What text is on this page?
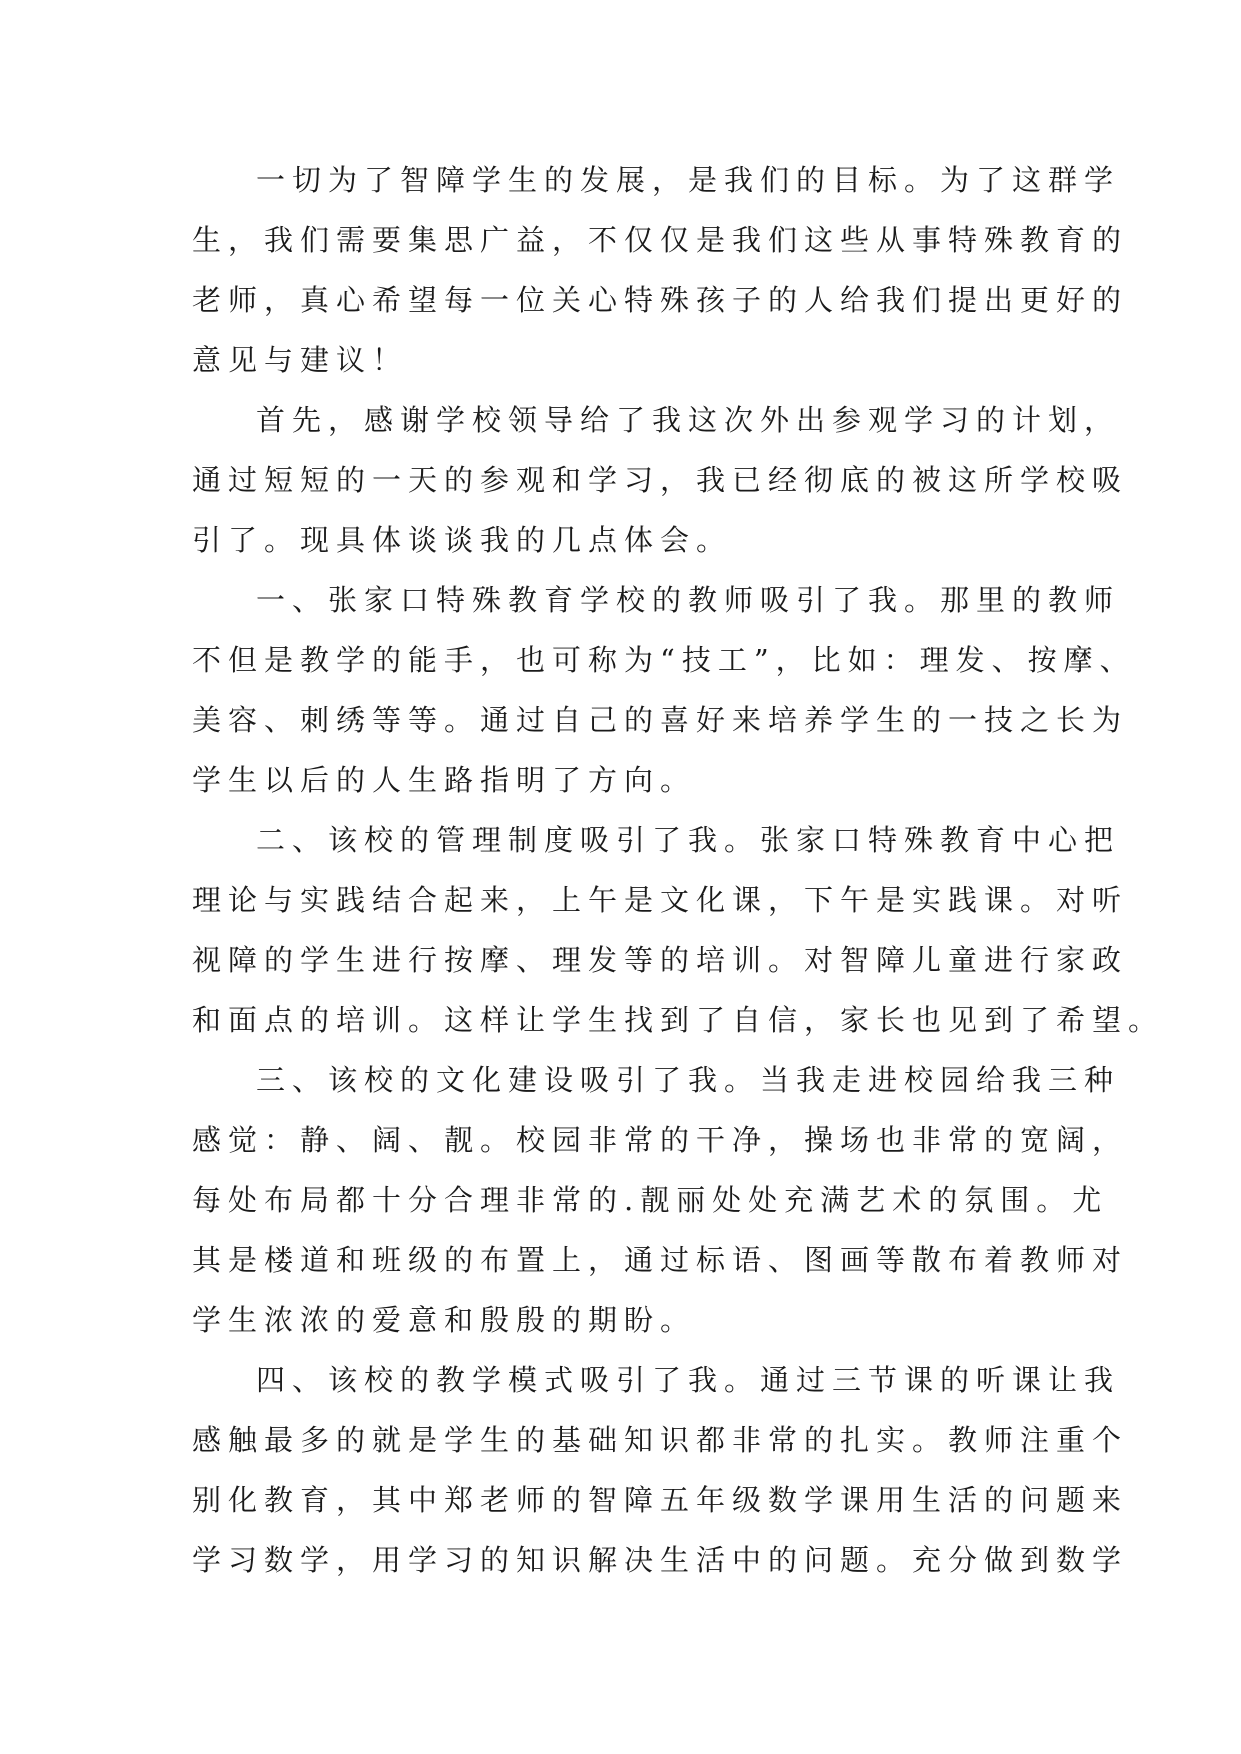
一切为了智障学生的发展，是我们的目标。为了这群学
生，我们需要集思广益，不仅仅是我们这些从事特殊教育的
老师，真心希望每一位关心特殊孩子的人给我们提出更好的
意见与建议！
首先，感谢学校领导给了我这次外出参观学习的计划，
通过短短的一天的参观和学习，我已经彻底的被这所学校吸
引了。现具体谈谈我的几点体会。
一、张家口特殊教育学校的教师吸引了我。那里的教师
不但是教学的能手，也可称为“技工”，比如：理发、按摩、
美容、刺绣等等。通过自己的喜好来培养学生的一技之长为
学生以后的人生路指明了方向。
二、该校的管理制度吸引了我。张家口特殊教育中心把
理论与实践结合起来，上午是文化课，下午是实践课。对听
视障的学生进行按摩、理发等的培训。对智障儿童进行家政
和面点的培训。这样让学生找到了自信，家长也见到了希望。
三、该校的文化建设吸引了我。当我走进校园给我三种
感觉：静、阔、靓。校园非常的干净，操场也非常的宽阔，
每处布局都十分合理非常的.靓丽处处充满艺术的氛围。尤
其是楼道和班级的布置上，通过标语、图画等散布着教师对
学生浓浓的爱意和殷殷的期盼。
四、该校的教学模式吸引了我。通过三节课的听课让我
感触最多的就是学生的基础知识都非常的扎实。教师注重个
别化教育，其中郑老师的智障五年级数学课用生活的问题来
学习数学，用学习的知识解决生活中的问题。充分做到数学
